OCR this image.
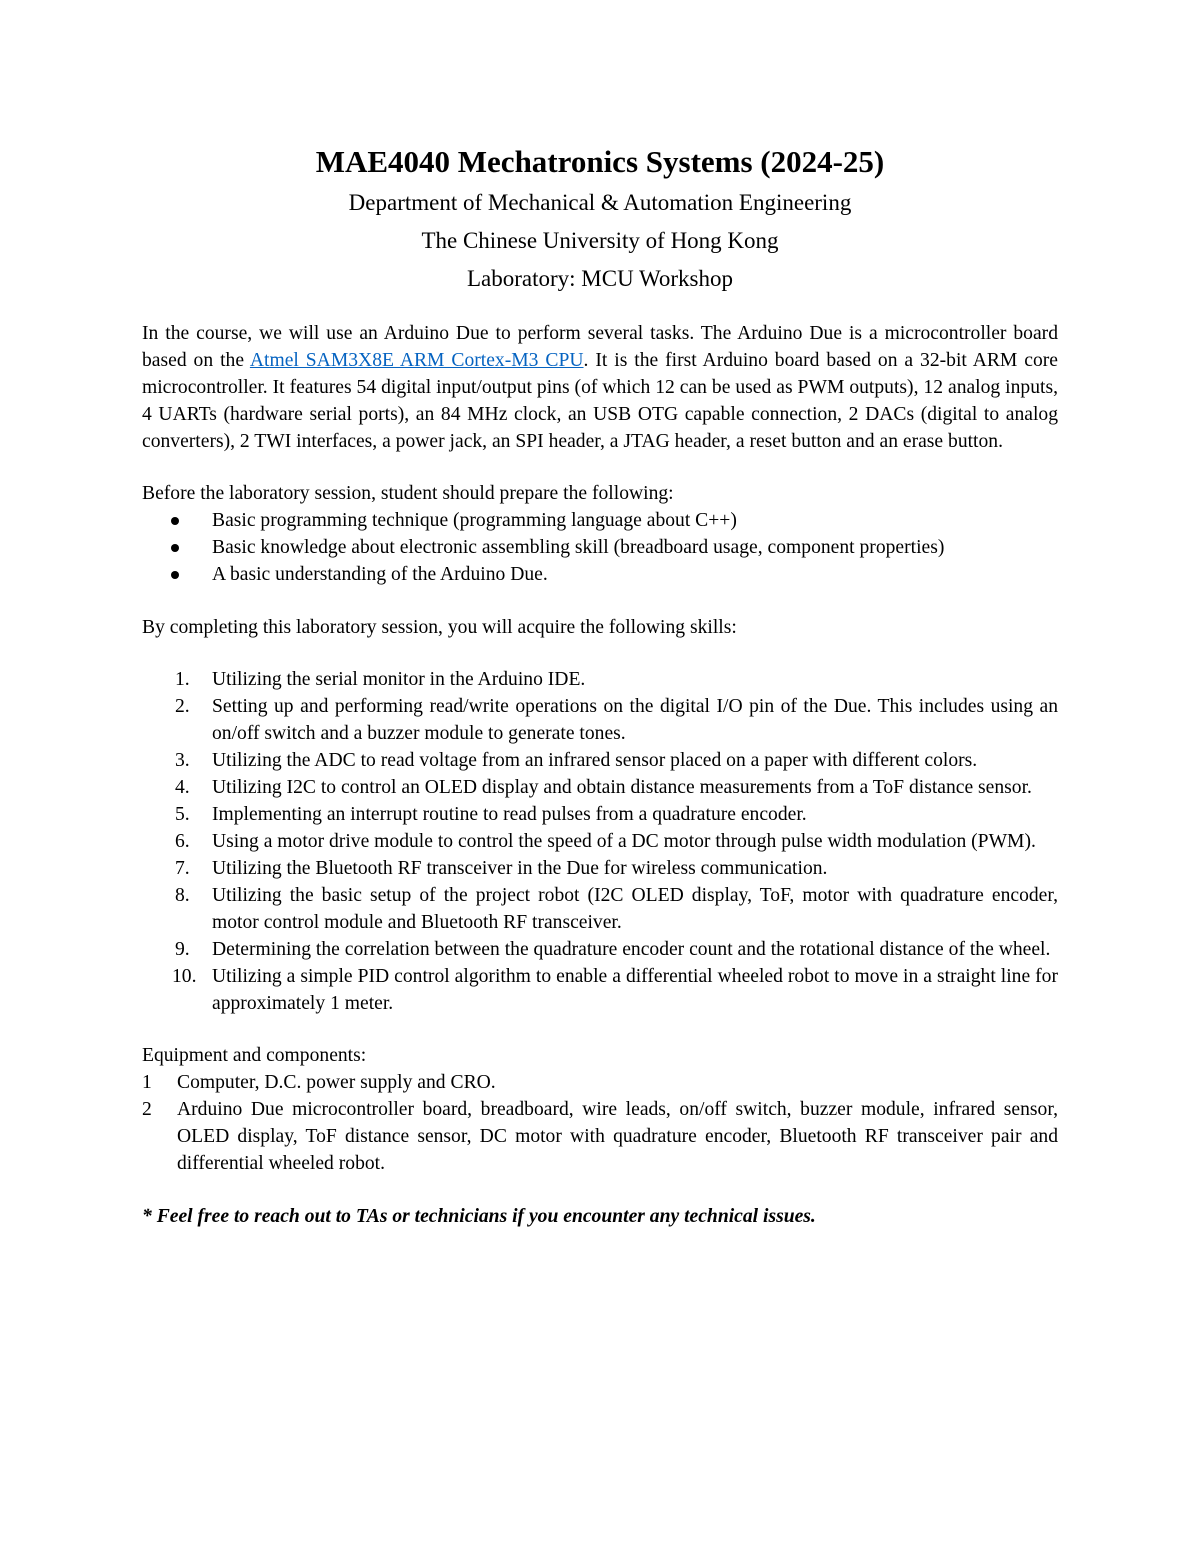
MAE4040 Mechatronics Systems (2024-25)

Department of Mechanical & Automation Engineering

The Chinese University of Hong Kong

Laboratory: MCU Workshop

In the course, we will use an Arduino Due to perform several tasks. The Arduino Due is a microcontroller board based on the Atmel SAM3X8E ARM Cortex-M3 CPU. It is the first Arduino board based on a 32-bit ARM core microcontroller. It features 54 digital input/output pins (of which 12 can be used as PWM outputs), 12 analog inputs, 4 UARTs (hardware serial ports), an 84 MHz clock, an USB OTG capable connection, 2 DACs (digital to analog converters), 2 TWI interfaces, a power jack, an SPI header, a JTAG header, a reset button and an erase button.

Before the laboratory session, student should prepare the following:

Basic programming technique (programming language about C++)
Basic knowledge about electronic assembling skill (breadboard usage, component properties)
A basic understanding of the Arduino Due.

By completing this laboratory session, you will acquire the following skills:

1.	Utilizing the serial monitor in the Arduino IDE.
2.	Setting up and performing read/write operations on the digital I/O pin of the Due. This includes using an on/off switch and a buzzer module to generate tones.
3.	Utilizing the ADC to read voltage from an infrared sensor placed on a paper with different colors.
4.	Utilizing I2C to control an OLED display and obtain distance measurements from a ToF distance sensor.
5.	Implementing an interrupt routine to read pulses from a quadrature encoder.
6.	Using a motor drive module to control the speed of a DC motor through pulse width modulation (PWM).
7.	Utilizing the Bluetooth RF transceiver in the Due for wireless communication.
8.	Utilizing the basic setup of the project robot (I2C OLED display, ToF, motor with quadrature encoder, motor control module and Bluetooth RF transceiver.
9.	Determining the correlation between the quadrature encoder count and the rotational distance of the wheel.
10. Utilizing a simple PID control algorithm to enable a differential wheeled robot to move in a straight line for approximately 1 meter.

Equipment and components:

1 Computer, D.C. power supply and CRO.
2 Arduino Due microcontroller board, breadboard, wire leads, on/off switch, buzzer module, infrared sensor, OLED display, ToF distance sensor, DC motor with quadrature encoder, Bluetooth RF transceiver pair and differential wheeled robot.

* Feel free to reach out to TAs or technicians if you encounter any technical issues.
